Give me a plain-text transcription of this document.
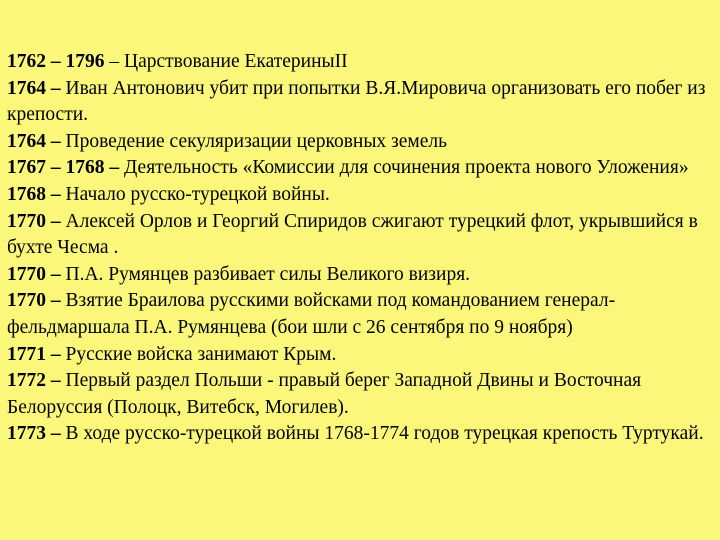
1762 – 1796 – Царствование ЕкатериныII

1764 – Иван Антонович убит при попытки В.Я.Мировича организовать его побег из крепости.

1764 – Проведение секуляризации церковных земель

1767 – 1768 – Деятельность «Комиссии для сочинения проекта нового Уложения»

1768 – Начало русско-турецкой войны.

1770 – Алексей Орлов и Георгий Спиридов сжигают турецкий флот, укрывшийся в бухте Чесма .

1770 – П.А. Румянцев разбивает силы Великого визиря.

1770 – Взятие Браилова русскими войсками под командованием генерал-фельдмаршала П.А. Румянцева (бои шли с 26 сентября по 9 ноября)

1771 – Русские войска занимают Крым.

1772 – Первый раздел Польши - правый берег Западной Двины и Восточная Белоруссия (Полоцк, Витебск, Могилев).

1773 – В ходе русско-турецкой войны 1768-1774 годов турецкая крепость Туртукай.
